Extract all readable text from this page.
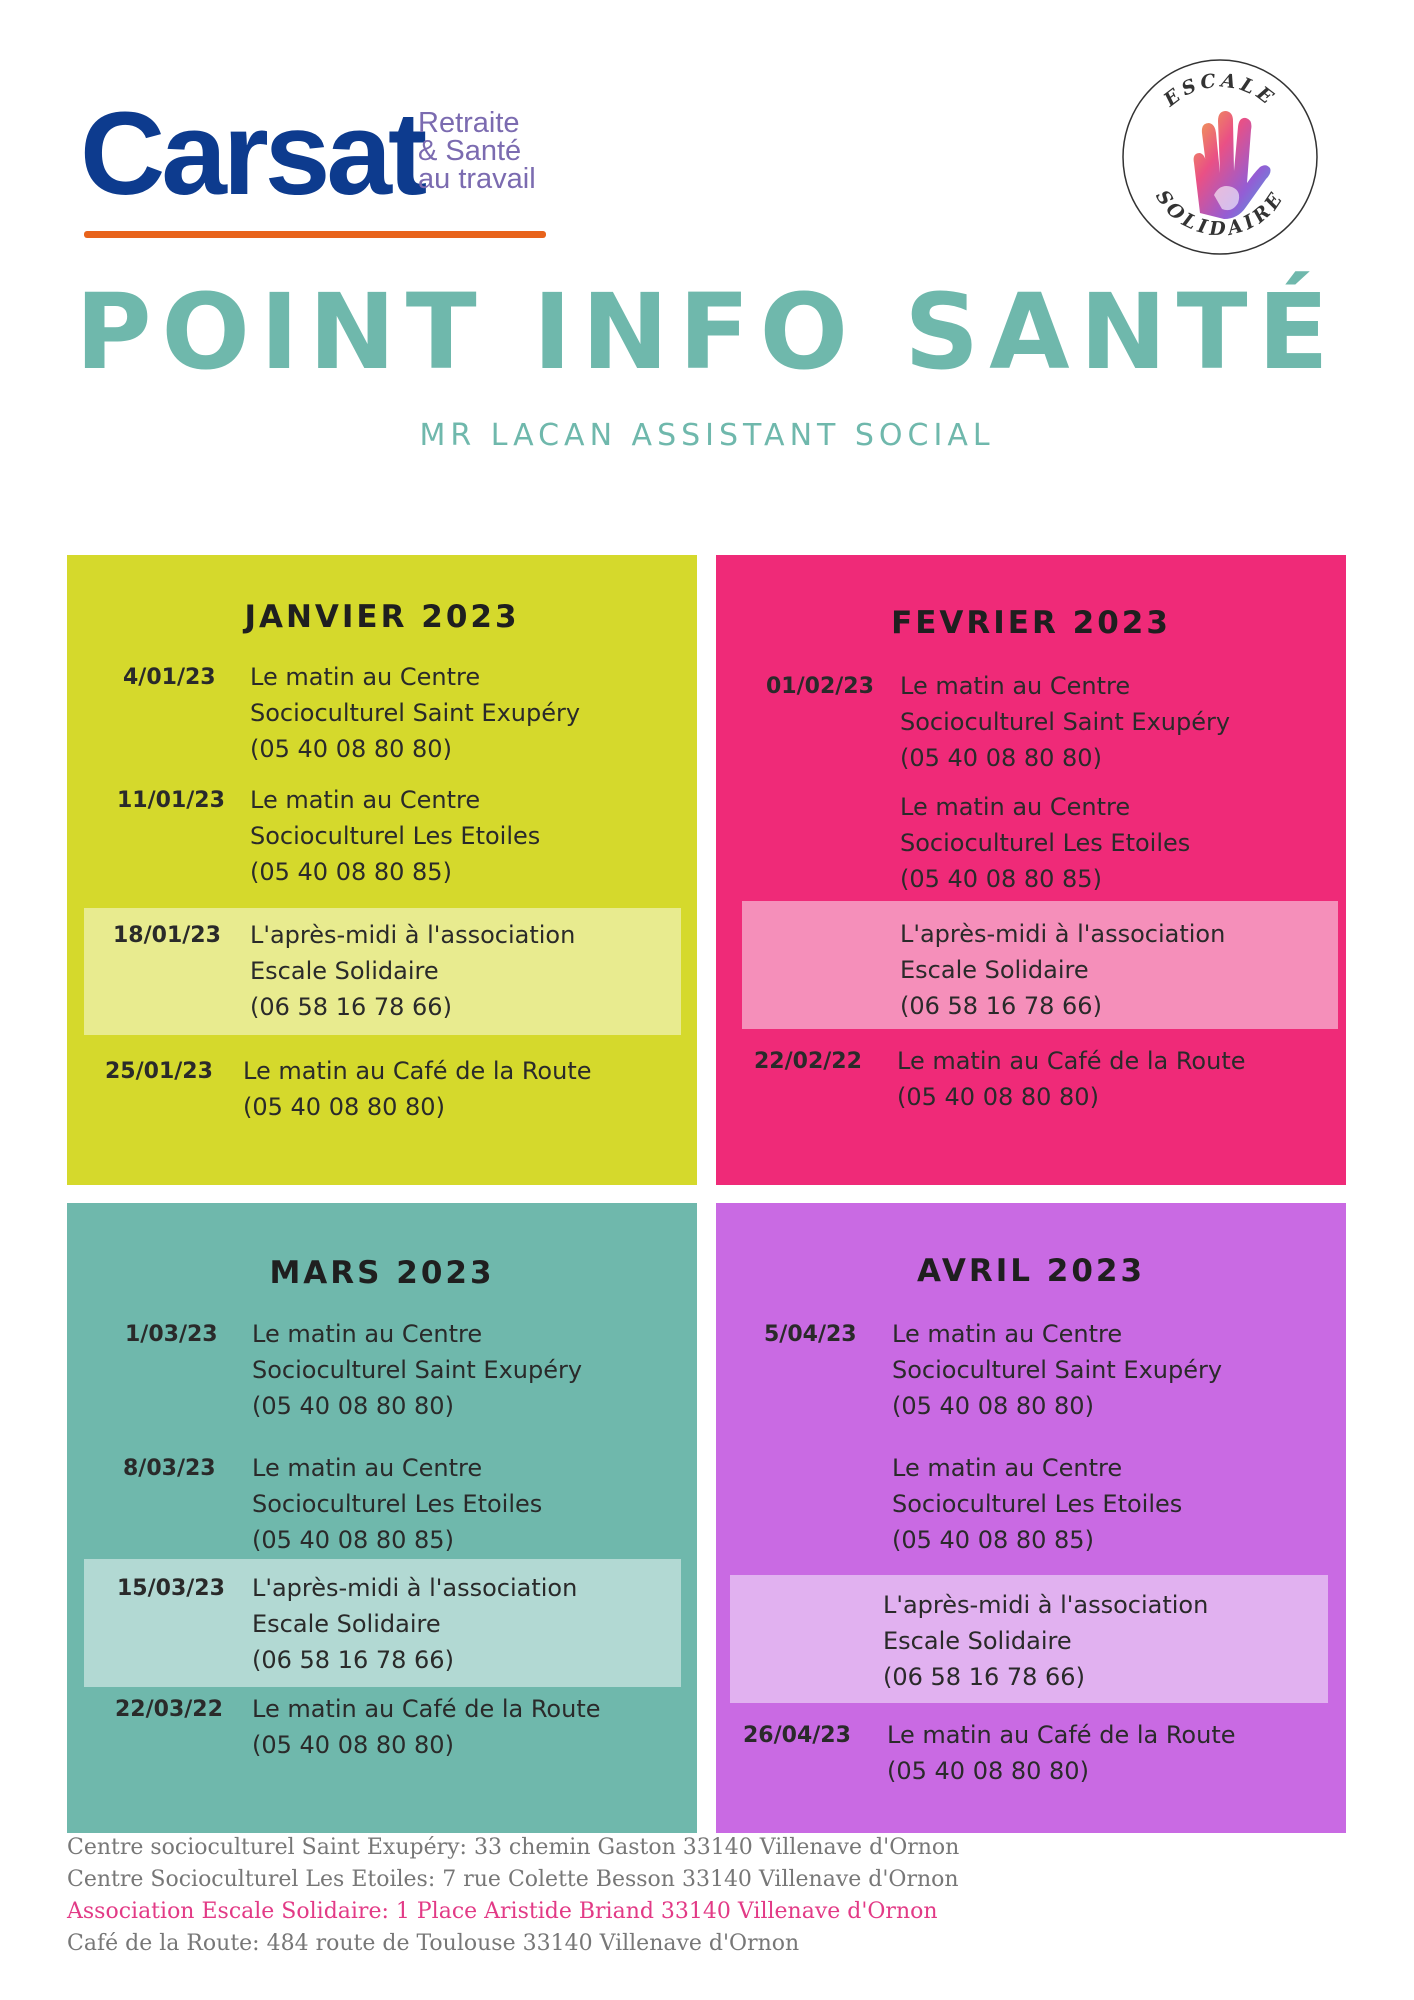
Carsat
Retraite
& Santé
au travail
ESCALE
SOLIDAIRE
POINT INFO SANTÉ
MR LACAN ASSISTANT SOCIAL
JANVIER 2023
4/01/23 Le matin au Centre
Socioculturel Saint Exupéry
(05 40 08 80 80)
11/01/23 Le matin au Centre
Socioculturel Les Etoiles
(05 40 08 80 85)
18/01/23 L'après-midi à l'association
Escale Solidaire
(06 58 16 78 66)
25/01/23 Le matin au Café de la Route
(05 40 08 80 80)
FEVRIER 2023
01/02/23 Le matin au Centre
Socioculturel Saint Exupéry
(05 40 08 80 80)
Le matin au Centre
Socioculturel Les Etoiles
(05 40 08 80 85)
L'après-midi à l'association
Escale Solidaire
(06 58 16 78 66)
22/02/22 Le matin au Café de la Route
(05 40 08 80 80)
MARS 2023
1/03/23 Le matin au Centre
Socioculturel Saint Exupéry
(05 40 08 80 80)
8/03/23 Le matin au Centre
Socioculturel Les Etoiles
(05 40 08 80 85)
15/03/23 L'après-midi à l'association
Escale Solidaire
(06 58 16 78 66)
22/03/22 Le matin au Café de la Route
(05 40 08 80 80)
AVRIL 2023
5/04/23 Le matin au Centre
Socioculturel Saint Exupéry
(05 40 08 80 80)
Le matin au Centre
Socioculturel Les Etoiles
(05 40 08 80 85)
L'après-midi à l'association
Escale Solidaire
(06 58 16 78 66)
26/04/23 Le matin au Café de la Route
(05 40 08 80 80)
Centre socioculturel Saint Exupéry: 33 chemin Gaston 33140 Villenave d'Ornon
Centre Socioculturel Les Etoiles: 7 rue Colette Besson 33140 Villenave d'Ornon
Association Escale Solidaire: 1 Place Aristide Briand 33140 Villenave d'Ornon
Café de la Route: 484 route de Toulouse 33140 Villenave d'Ornon
